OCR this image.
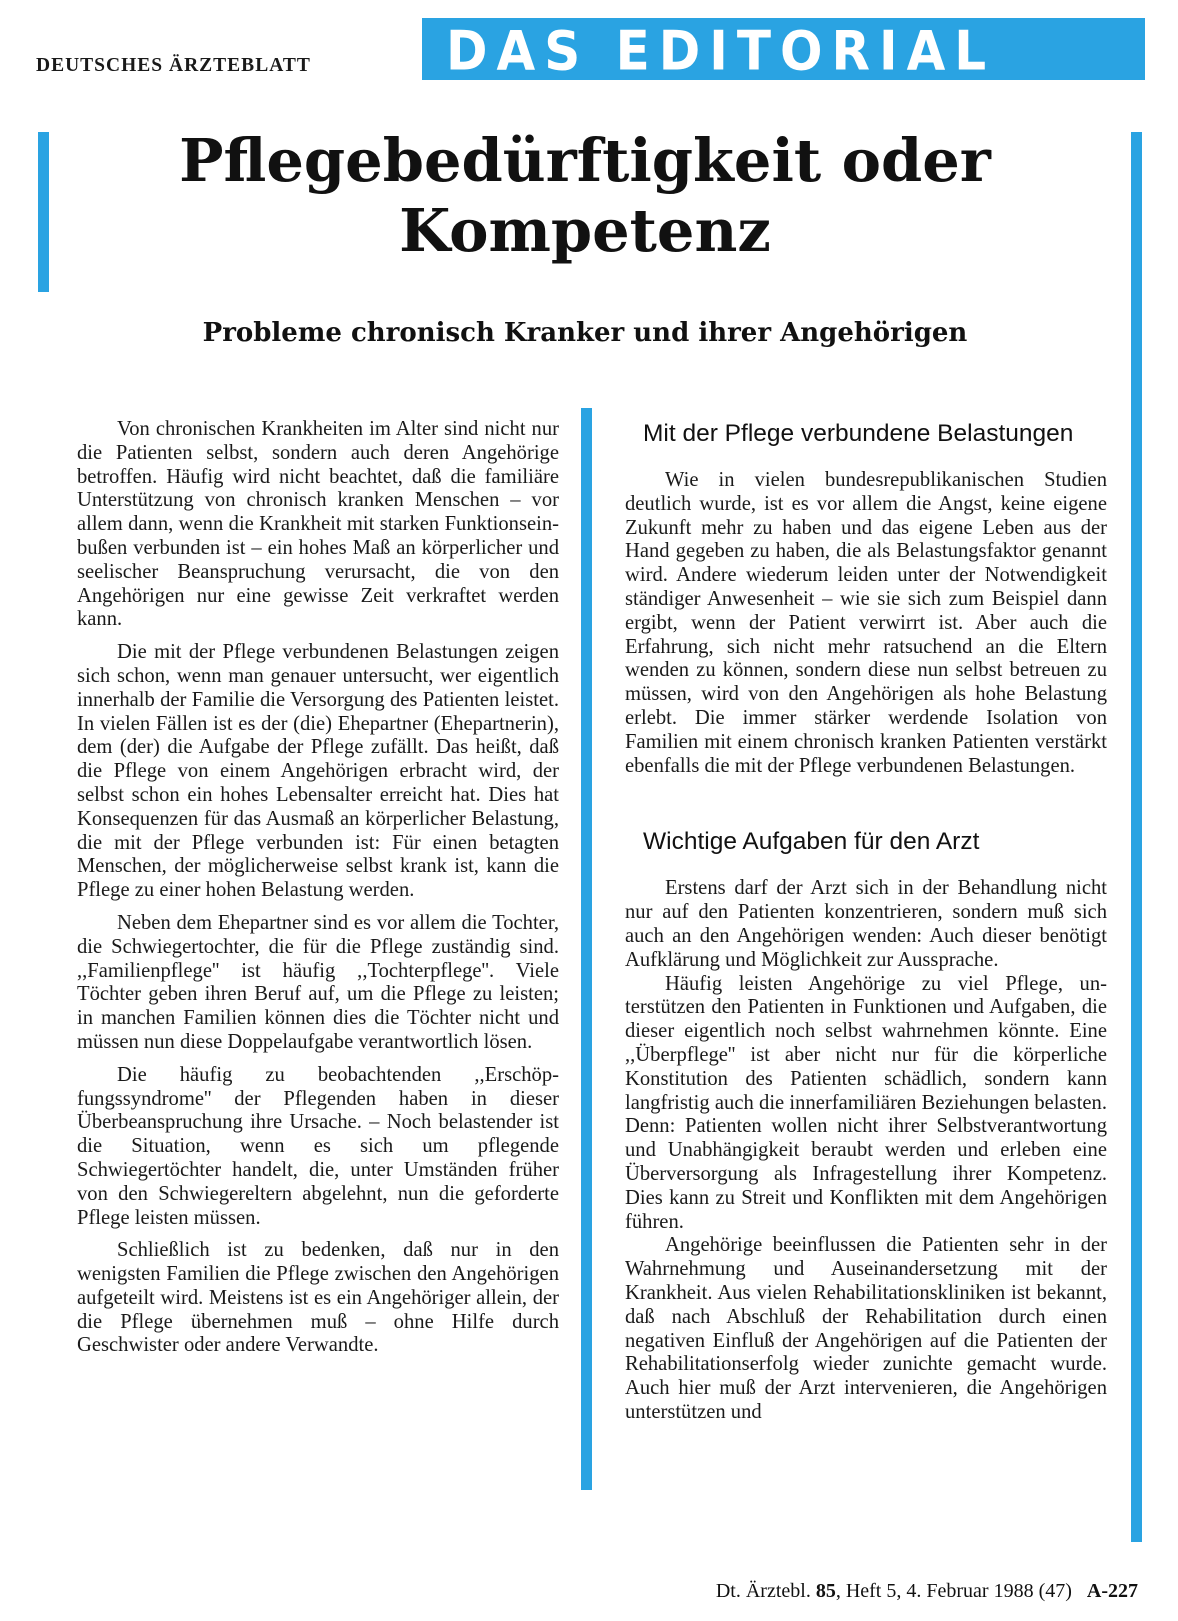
DEUTSCHES ÄRZTEBLATT	DAS EDITORIAL
Pflegebedürftigkeit oder
Kompetenz
Probleme chronisch Kranker und ihrer Angehörigen

Von chronischen Krankheiten im Alter sind nicht nur die Patienten selbst, sondern auch deren Angehörige betroffen. Häufig wird nicht beachtet, daß die familiäre Unterstützung von chronisch kranken Menschen – vor allem dann, wenn die Krankheit mit starken Funktionseinbußen verbunden ist – ein hohes Maß an körperlicher und seelischer Beanspruchung verursacht, die von den Angehörigen nur eine gewisse Zeit verkraftet werden kann.

Die mit der Pflege verbundenen Belastungen zeigen sich schon, wenn man genauer untersucht, wer eigentlich innerhalb der Familie die Versorgung des Patienten leistet. In vielen Fällen ist es der (die) Ehepartner (Ehepartnerin), dem (der) die Aufgabe der Pflege zufällt. Das heißt, daß die Pflege von einem Angehörigen erbracht wird, der selbst schon ein hohes Lebensalter erreicht hat. Dies hat Konsequenzen für das Ausmaß an körperlicher Belastung, die mit der Pflege verbunden ist: Für einen betagten Menschen, der möglicherweise selbst krank ist, kann die Pflege zu einer hohen Belastung werden.

Neben dem Ehepartner sind es vor allem die Tochter, die Schwiegertochter, die für die Pflege zuständig sind. ,,Familienpflege'' ist häufig ,,Tochterpflege''. Viele Töchter geben ihren Beruf auf, um die Pflege zu leisten; in manchen Familien können dies die Töchter nicht und müssen nun diese Doppelaufgabe verantwortlich lösen.

Die häufig zu beobachtenden ,,Erschöpfungssyndrome'' der Pflegenden haben in dieser Überbeanspruchung ihre Ursache. – Noch belastender ist die Situation, wenn es sich um pflegende Schwiegertöchter handelt, die, unter Umständen früher von den Schwiegereltern abgelehnt, nun die geforderte Pflege leisten müssen.

Schließlich ist zu bedenken, daß nur in den wenigsten Familien die Pflege zwischen den Angehörigen aufgeteilt wird. Meistens ist es ein Angehöriger allein, der die Pflege übernehmen muß – ohne Hilfe durch Geschwister oder andere Verwandte.

Mit der Pflege verbundene Belastungen

Wie in vielen bundesrepublikanischen Studien deutlich wurde, ist es vor allem die Angst, keine eigene Zukunft mehr zu haben und das eigene Leben aus der Hand gegeben zu haben, die als Belastungsfaktor genannt wird. Andere wiederum leiden unter der Notwendigkeit ständiger Anwesenheit – wie sie sich zum Beispiel dann ergibt, wenn der Patient verwirrt ist. Aber auch die Erfahrung, sich nicht mehr ratsuchend an die Eltern wenden zu können, sondern diese nun selbst betreuen zu müssen, wird von den Angehörigen als hohe Belastung erlebt. Die immer stärker werdende Isolation von Familien mit einem chronisch kranken Patienten verstärkt ebenfalls die mit der Pflege verbundenen Belastungen.

Wichtige Aufgaben für den Arzt

Erstens darf der Arzt sich in der Behandlung nicht nur auf den Patienten konzentrieren, sondern muß sich auch an den Angehörigen wenden: Auch dieser benötigt Aufklärung und Möglichkeit zur Aussprache.

Häufig leisten Angehörige zu viel Pflege, unterstützen den Patienten in Funktionen und Aufgaben, die dieser eigentlich noch selbst wahrnehmen könnte. Eine ,,Überpflege'' ist aber nicht nur für die körperliche Konstitution des Patienten schädlich, sondern kann langfristig auch die innerfamiliären Beziehungen belasten. Denn: Patienten wollen nicht ihrer Selbstverantwortung und Unabhängigkeit beraubt werden und erleben eine Überversorgung als Infragestellung ihrer Kompetenz. Dies kann zu Streit und Konflikten mit dem Angehörigen führen.

Angehörige beeinflussen die Patienten sehr in der Wahrnehmung und Auseinandersetzung mit der Krankheit. Aus vielen Rehabilitationskliniken ist bekannt, daß nach Abschluß der Rehabilitation durch einen negativen Einfluß der Angehörigen auf die Patienten der Rehabilitationserfolg wieder zunichte gemacht wurde. Auch hier muß der Arzt intervenieren, die Angehörigen unterstützen und

Dt. Ärztebl. 85, Heft 5, 4. Februar 1988 (47) A-227
